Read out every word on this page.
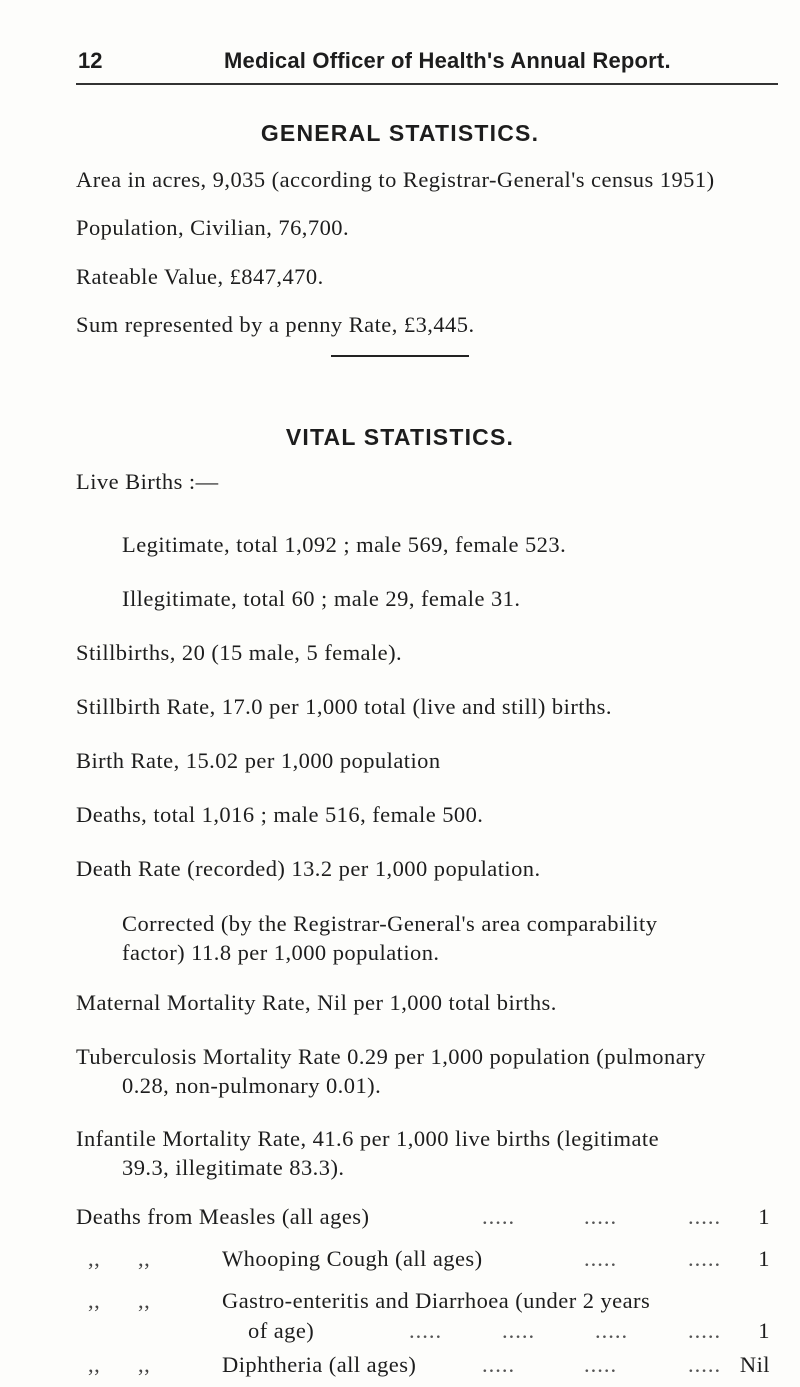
12	Medical Officer of Health's Annual Report.
GENERAL STATISTICS.
Area in acres, 9,035 (according to Registrar-General's census 1951)
Population, Civilian, 76,700.
Rateable Value, £847,470.
Sum represented by a penny Rate, £3,445.
VITAL STATISTICS.
Live Births :—
Legitimate, total 1,092 ; male 569, female 523.
Illegitimate, total 60 ; male 29, female 31.
Stillbirths, 20 (15 male, 5 female).
Stillbirth Rate, 17.0 per 1,000 total (live and still) births.
Birth Rate, 15.02 per 1,000 population
Deaths, total 1,016 ; male 516, female 500.
Death Rate (recorded) 13.2 per 1,000 population.
Corrected (by the Registrar-General's area comparability
factor) 11.8 per 1,000 population.
Maternal Mortality Rate, Nil per 1,000 total births.
Tuberculosis Mortality Rate 0.29 per 1,000 population (pulmonary
0.28, non-pulmonary 0.01).
Infantile Mortality Rate, 41.6 per 1,000 live births (legitimate
39.3, illegitimate 83.3).
Deaths from Measles (all ages)	.....	.....	..... 1
,, ,,	Whooping Cough (all ages)	.....	..... 1
,, ,,	Gastro-enteritis and Diarrhoea (under 2 years
of age)	.....	.....	.....	..... 1
,, ,,	Diphtheria (all ages)	.....	.....	..... Nil
